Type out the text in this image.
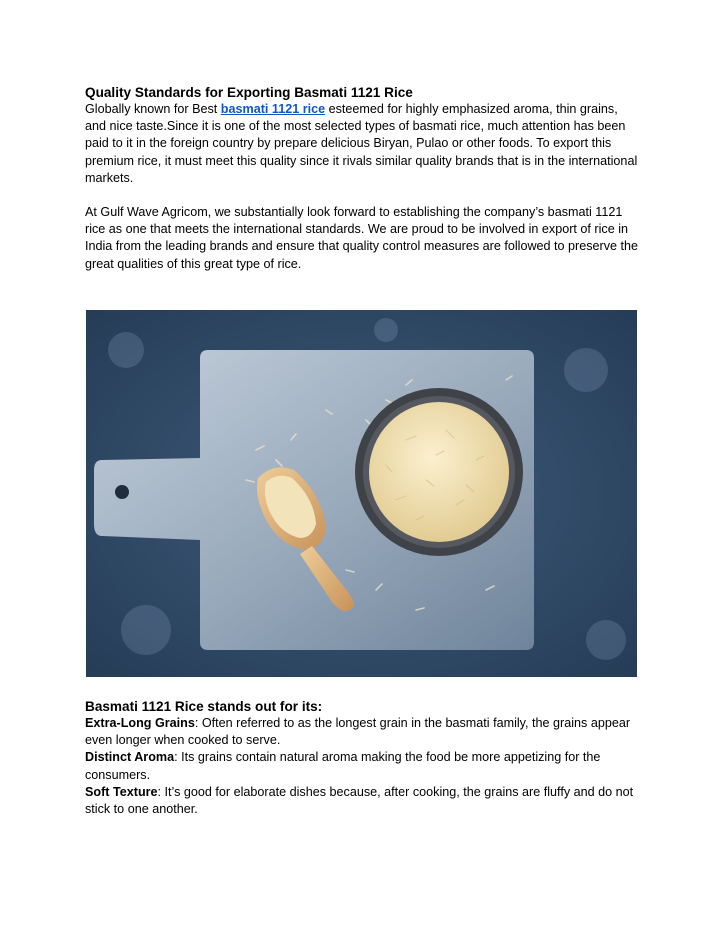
Quality Standards for Exporting Basmati 1121 Rice

Globally known for Best basmati 1121 rice esteemed for highly emphasized aroma, thin grains, and nice taste.Since it is one of the most selected types of basmati rice, much attention has been paid to it in the foreign country by prepare delicious Biryan, Pulao or other foods. To export this premium rice, it must meet this quality since it rivals similar quality brands that is in the international markets.

At Gulf Wave Agricom, we substantially look forward to establishing the company’s basmati 1121 rice as one that meets the international standards. We are proud to be involved in export of rice in India from the leading brands and ensure that quality control measures are followed to preserve the great qualities of this great type of rice.

Basmati 1121 Rice stands out for its:

Extra-Long Grains: Often referred to as the longest grain in the basmati family, the grains appear even longer when cooked to serve.

Distinct Aroma: Its grains contain natural aroma making the food be more appetizing for the consumers.

Soft Texture: It’s good for elaborate dishes because, after cooking, the grains are fluffy and do not stick to one another.
